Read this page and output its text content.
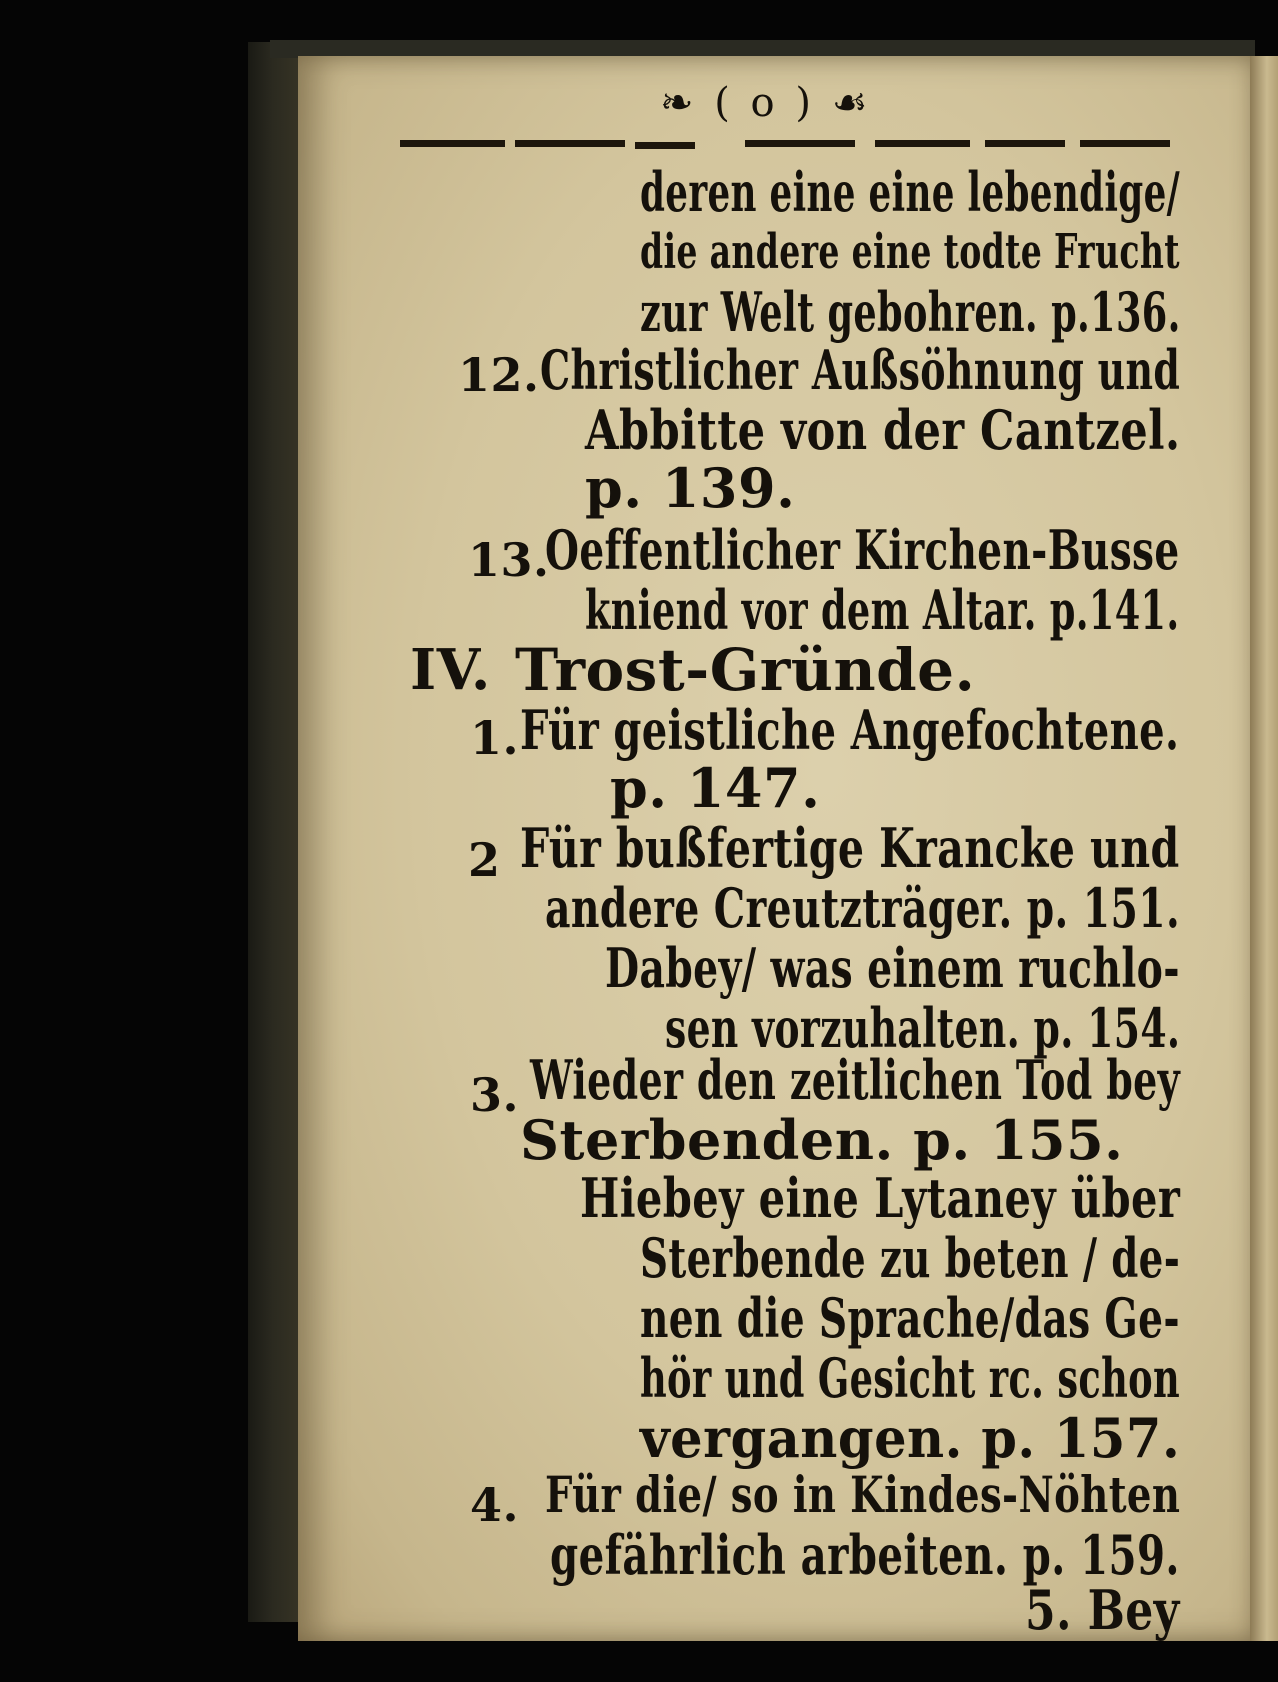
❧ ( o ) ☙
deren eine eine lebendige/
die andere eine todte Frucht
zur Welt gebohren. p.136.
12. Christlicher Außsöhnung und
Abbitte von der Cantzel.
p. 139.
13.
Oeffentlicher Kirchen-Busse
kniend vor dem Altar. p.141.
IV. Trost-Gründe.
1. Für geistliche Angefochtene.
p. 147.
2 Für bußfertige Krancke und
andere Creutzträger. p. 151.
Dabey/ was einem ruchlo-
sen vorzuhalten. p. 154.
3. Wieder den zeitlichen Tod bey
Sterbenden. p. 155.
Hiebey eine Lytaney über
Sterbende zu beten / de-
nen die Sprache/das Ge-
hör und Gesicht rc. schon
vergangen. p. 157.
4. Für die/ so in Kindes-Nöhten
gefährlich arbeiten. p. 159.
5. Bey
